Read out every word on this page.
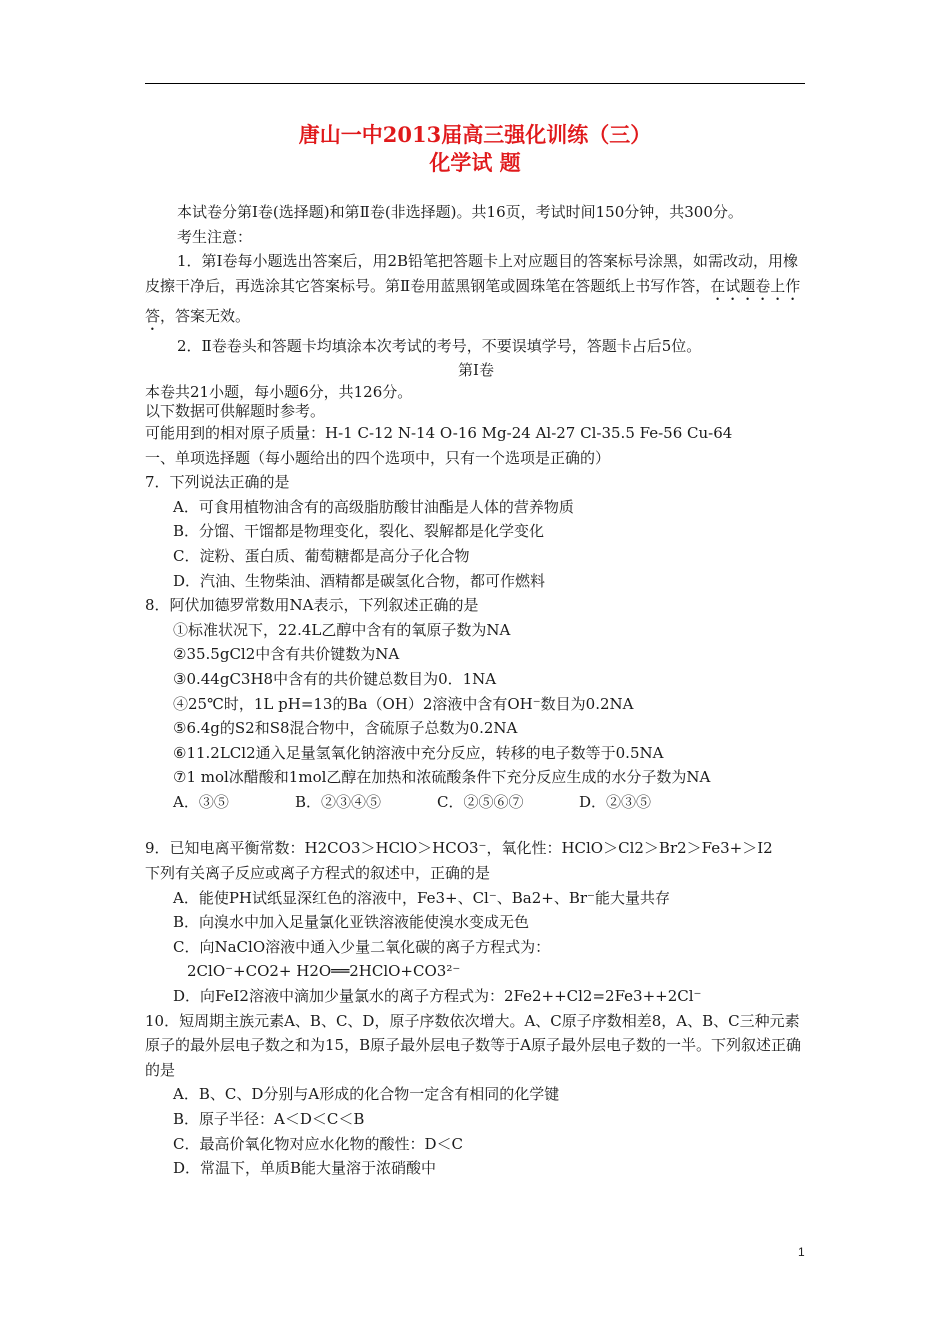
唐山一中2013届高三强化训练（三）
化学试 题

本试卷分第Ⅰ卷(选择题)和第Ⅱ卷(非选择题)。共16页，考试时间150分钟，共300分。

考生注意：

1．第Ⅰ卷每小题选出答案后，用2B铅笔把答题卡上对应题目的答案标号涂黑，如需改动，用橡皮擦干净后，再选涂其它答案标号。第Ⅱ卷用蓝黑钢笔或圆珠笔在答题纸上书写作答，在试题卷上作答，答案无效。

2．Ⅱ卷卷头和答题卡均填涂本次考试的考号，不要误填学号，答题卡占后5位。

第Ⅰ卷

本卷共21小题，每小题6分，共126分。

以下数据可供解题时参考。

可能用到的相对原子质量：H-1 C-12 N-14 O-16 Mg-24 Al-27 Cl-35.5 Fe-56 Cu-64

一、单项选择题（每小题给出的四个选项中，只有一个选项是正确的）

7．下列说法正确的是

A．可食用植物油含有的高级脂肪酸甘油酯是人体的营养物质

B．分馏、干馏都是物理变化，裂化、裂解都是化学变化

C．淀粉、蛋白质、葡萄糖都是高分子化合物

D．汽油、生物柴油、酒精都是碳氢化合物，都可作燃料

8．阿伏加德罗常数用NA表示，下列叙述正确的是

①标准状况下，22.4L乙醇中含有的氧原子数为NA

②35.5gCl2中含有共价键数为NA

③0.44gC3H8中含有的共价键总数目为0．1NA

④25℃时，1L pH=13的Ba（OH）2溶液中含有OH⁻数目为0.2NA

⑤6.4g的S2和S8混合物中，含硫原子总数为0.2NA

⑥11.2LCl2通入足量氢氧化钠溶液中充分反应，转移的电子数等于0.5NA

⑦1 mol冰醋酸和1mol乙醇在加热和浓硫酸条件下充分反应生成的水分子数为NA

A．③⑤	B．②③④⑤	C．②⑤⑥⑦	D．②③⑤

9．已知电离平衡常数：H2CO3＞HClO＞HCO3⁻，氧化性：HClO＞Cl2＞Br2＞Fe3+＞I2

下列有关离子反应或离子方程式的叙述中，正确的是

A．能使PH试纸显深红色的溶液中，Fe3+、Cl⁻、Ba2+、Br⁻能大量共存

B．向溴水中加入足量氯化亚铁溶液能使溴水变成无色

C．向NaClO溶液中通入少量二氧化碳的离子方程式为：

2ClO⁻+CO2+ H2O══2HClO+CO3²⁻

D．向FeI2溶液中滴加少量氯水的离子方程式为：2Fe2++Cl2=2Fe3++2Cl⁻

10．短周期主族元素A、B、C、D，原子序数依次增大。A、C原子序数相差8，A、B、C三种元素原子的最外层电子数之和为15，B原子最外层电子数等于A原子最外层电子数的一半。下列叙述正确的是

A．B、C、D分别与A形成的化合物一定含有相同的化学键

B．原子半径：A＜D＜C＜B

C．最高价氧化物对应水化物的酸性：D＜C

D．常温下，单质B能大量溶于浓硝酸中

1
